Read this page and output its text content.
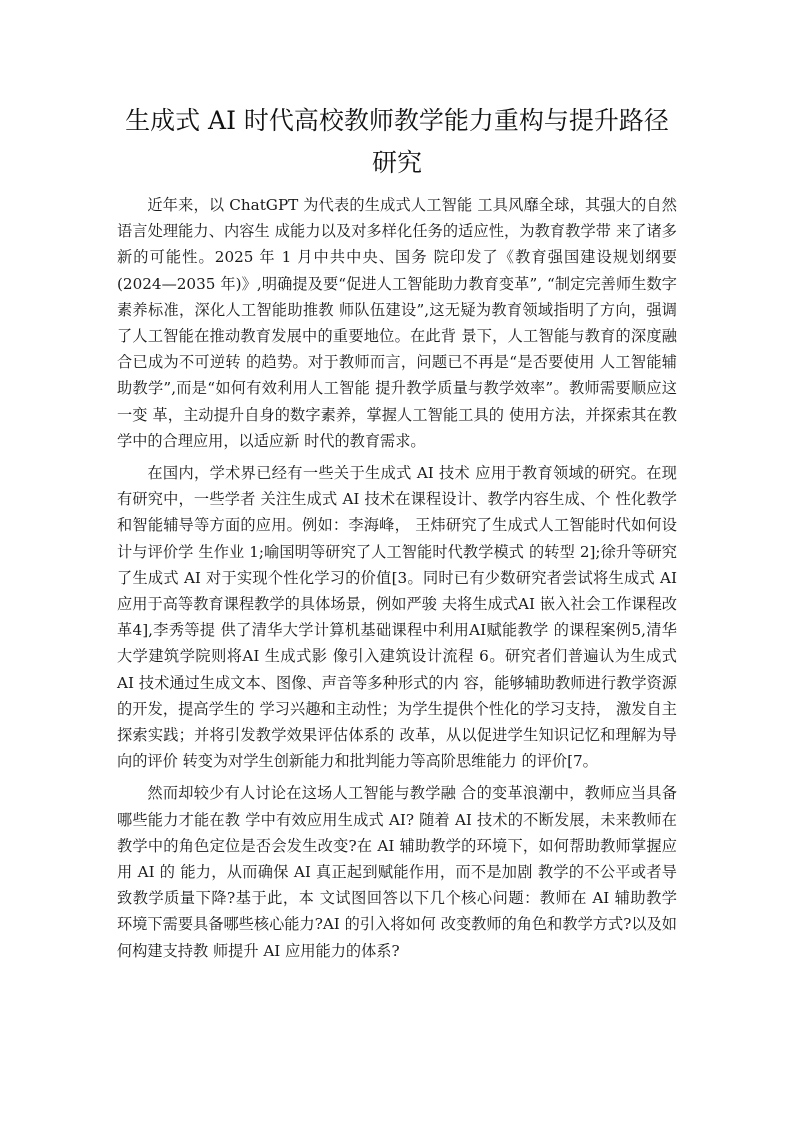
生成式 AI 时代高校教师教学能力重构与提升路径研究

近年来，以 ChatGPT 为代表的生成式人工智能 工具风靡全球，其强大的自然语言处理能力、内容生 成能力以及对多样化任务的适应性，为教育教学带 来了诸多新的可能性。2025 年 1 月中共中央、国务 院印发了《教育强国建设规划纲要(2024—2035 年)》,明确提及要“促进人工智能助力教育变革”, “制定完善师生数字素养标准，深化人工智能助推教 师队伍建设”,这无疑为教育领域指明了方向，强调 了人工智能在推动教育发展中的重要地位。在此背 景下，人工智能与教育的深度融合已成为不可逆转 的趋势。对于教师而言，问题已不再是“是否要使用 人工智能辅助教学”,而是“如何有效利用人工智能 提升教学质量与教学效率”。教师需要顺应这一变 革，主动提升自身的数字素养，掌握人工智能工具的 使用方法，并探索其在教学中的合理应用，以适应新 时代的教育需求。

在国内，学术界已经有一些关于生成式 AI 技术 应用于教育领域的研究。在现有研究中，一些学者 关注生成式 AI 技术在课程设计、教学内容生成、个 性化教学和智能辅导等方面的应用。例如：李海峰， 王炜研究了生成式人工智能时代如何设计与评价学 生作业 1;喻国明等研究了人工智能时代教学模式 的转型 2];徐升等研究了生成式 AI 对于实现个性化学习的价值[3。同时已有少数研究者尝试将生成式 AI 应用于高等教育课程教学的具体场景，例如严骏 夫将生成式AI 嵌入社会工作课程改革4],李秀等提 供了清华大学计算机基础课程中利用AI赋能教学 的课程案例5,清华大学建筑学院则将AI 生成式影 像引入建筑设计流程 6。研究者们普遍认为生成式 AI 技术通过生成文本、图像、声音等多种形式的内 容，能够辅助教师进行教学资源的开发，提高学生的 学习兴趣和主动性；为学生提供个性化的学习支持， 激发自主探索实践；并将引发教学效果评估体系的 改革，从以促进学生知识记忆和理解为导向的评价 转变为对学生创新能力和批判能力等高阶思维能力 的评价[7。

然而却较少有人讨论在这场人工智能与教学融 合的变革浪潮中，教师应当具备哪些能力才能在教 学中有效应用生成式 AI? 随着 AI 技术的不断发展，未来教师在教学中的角色定位是否会发生改变?在 AI 辅助教学的环境下，如何帮助教师掌握应用 AI 的 能力，从而确保 AI 真正起到赋能作用，而不是加剧 教学的不公平或者导致教学质量下降?基于此，本 文试图回答以下几个核心问题：教师在 AI 辅助教学 环境下需要具备哪些核心能力?AI 的引入将如何 改变教师的角色和教学方式?以及如何构建支持教 师提升 AI 应用能力的体系?
